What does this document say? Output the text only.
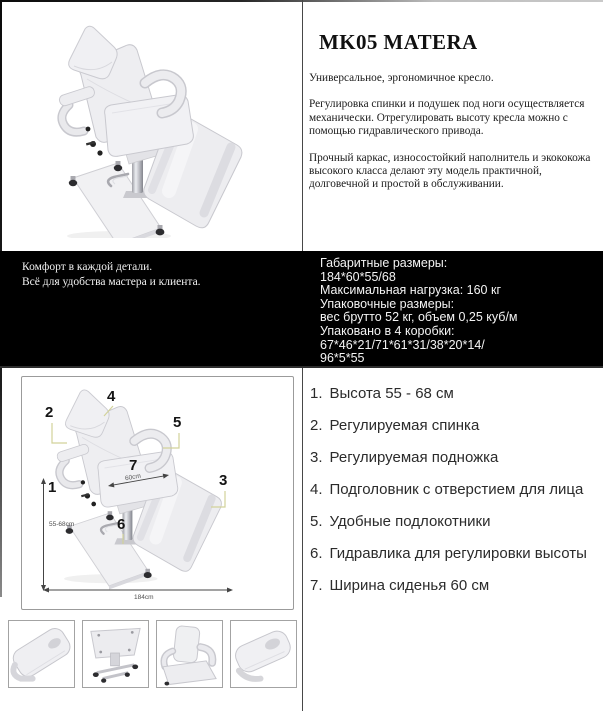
MK05 MATERA

Универсальное, эргономичное кресло.

Регулировка спинки и подушек под ноги осуществляется механически. Отрегулировать высоту кресла можно с помощью гидравлического привода.

Прочный каркас, износостойкий наполнитель и экококожа высокого класса делают эту модель практичной, долговечной и простой в обслуживании.

Комфорт в каждой детали.
Всё для удобства мастера и клиента.
Габаритные размеры:
184*60*55/68
Максимальная нагрузка: 160 кг
Упаковочные размеры:
вес брутто 52 кг, объем 0,25 куб/м
Упаковано в 4 коробки: 67*46*21/71*61*31/38*20*14/
96*5*55
1
2
3
4
5
6
7
55-68cm
184cm
60cm
1. Высота 55 - 68 см
2. Регулируемая спинка
3. Регулируемая подножка
4. Подголовник с отверстием для лица
5. Удобные подлокотники
6. Гидравлика для регулировки высоты
7. Ширина сиденья 60 см
